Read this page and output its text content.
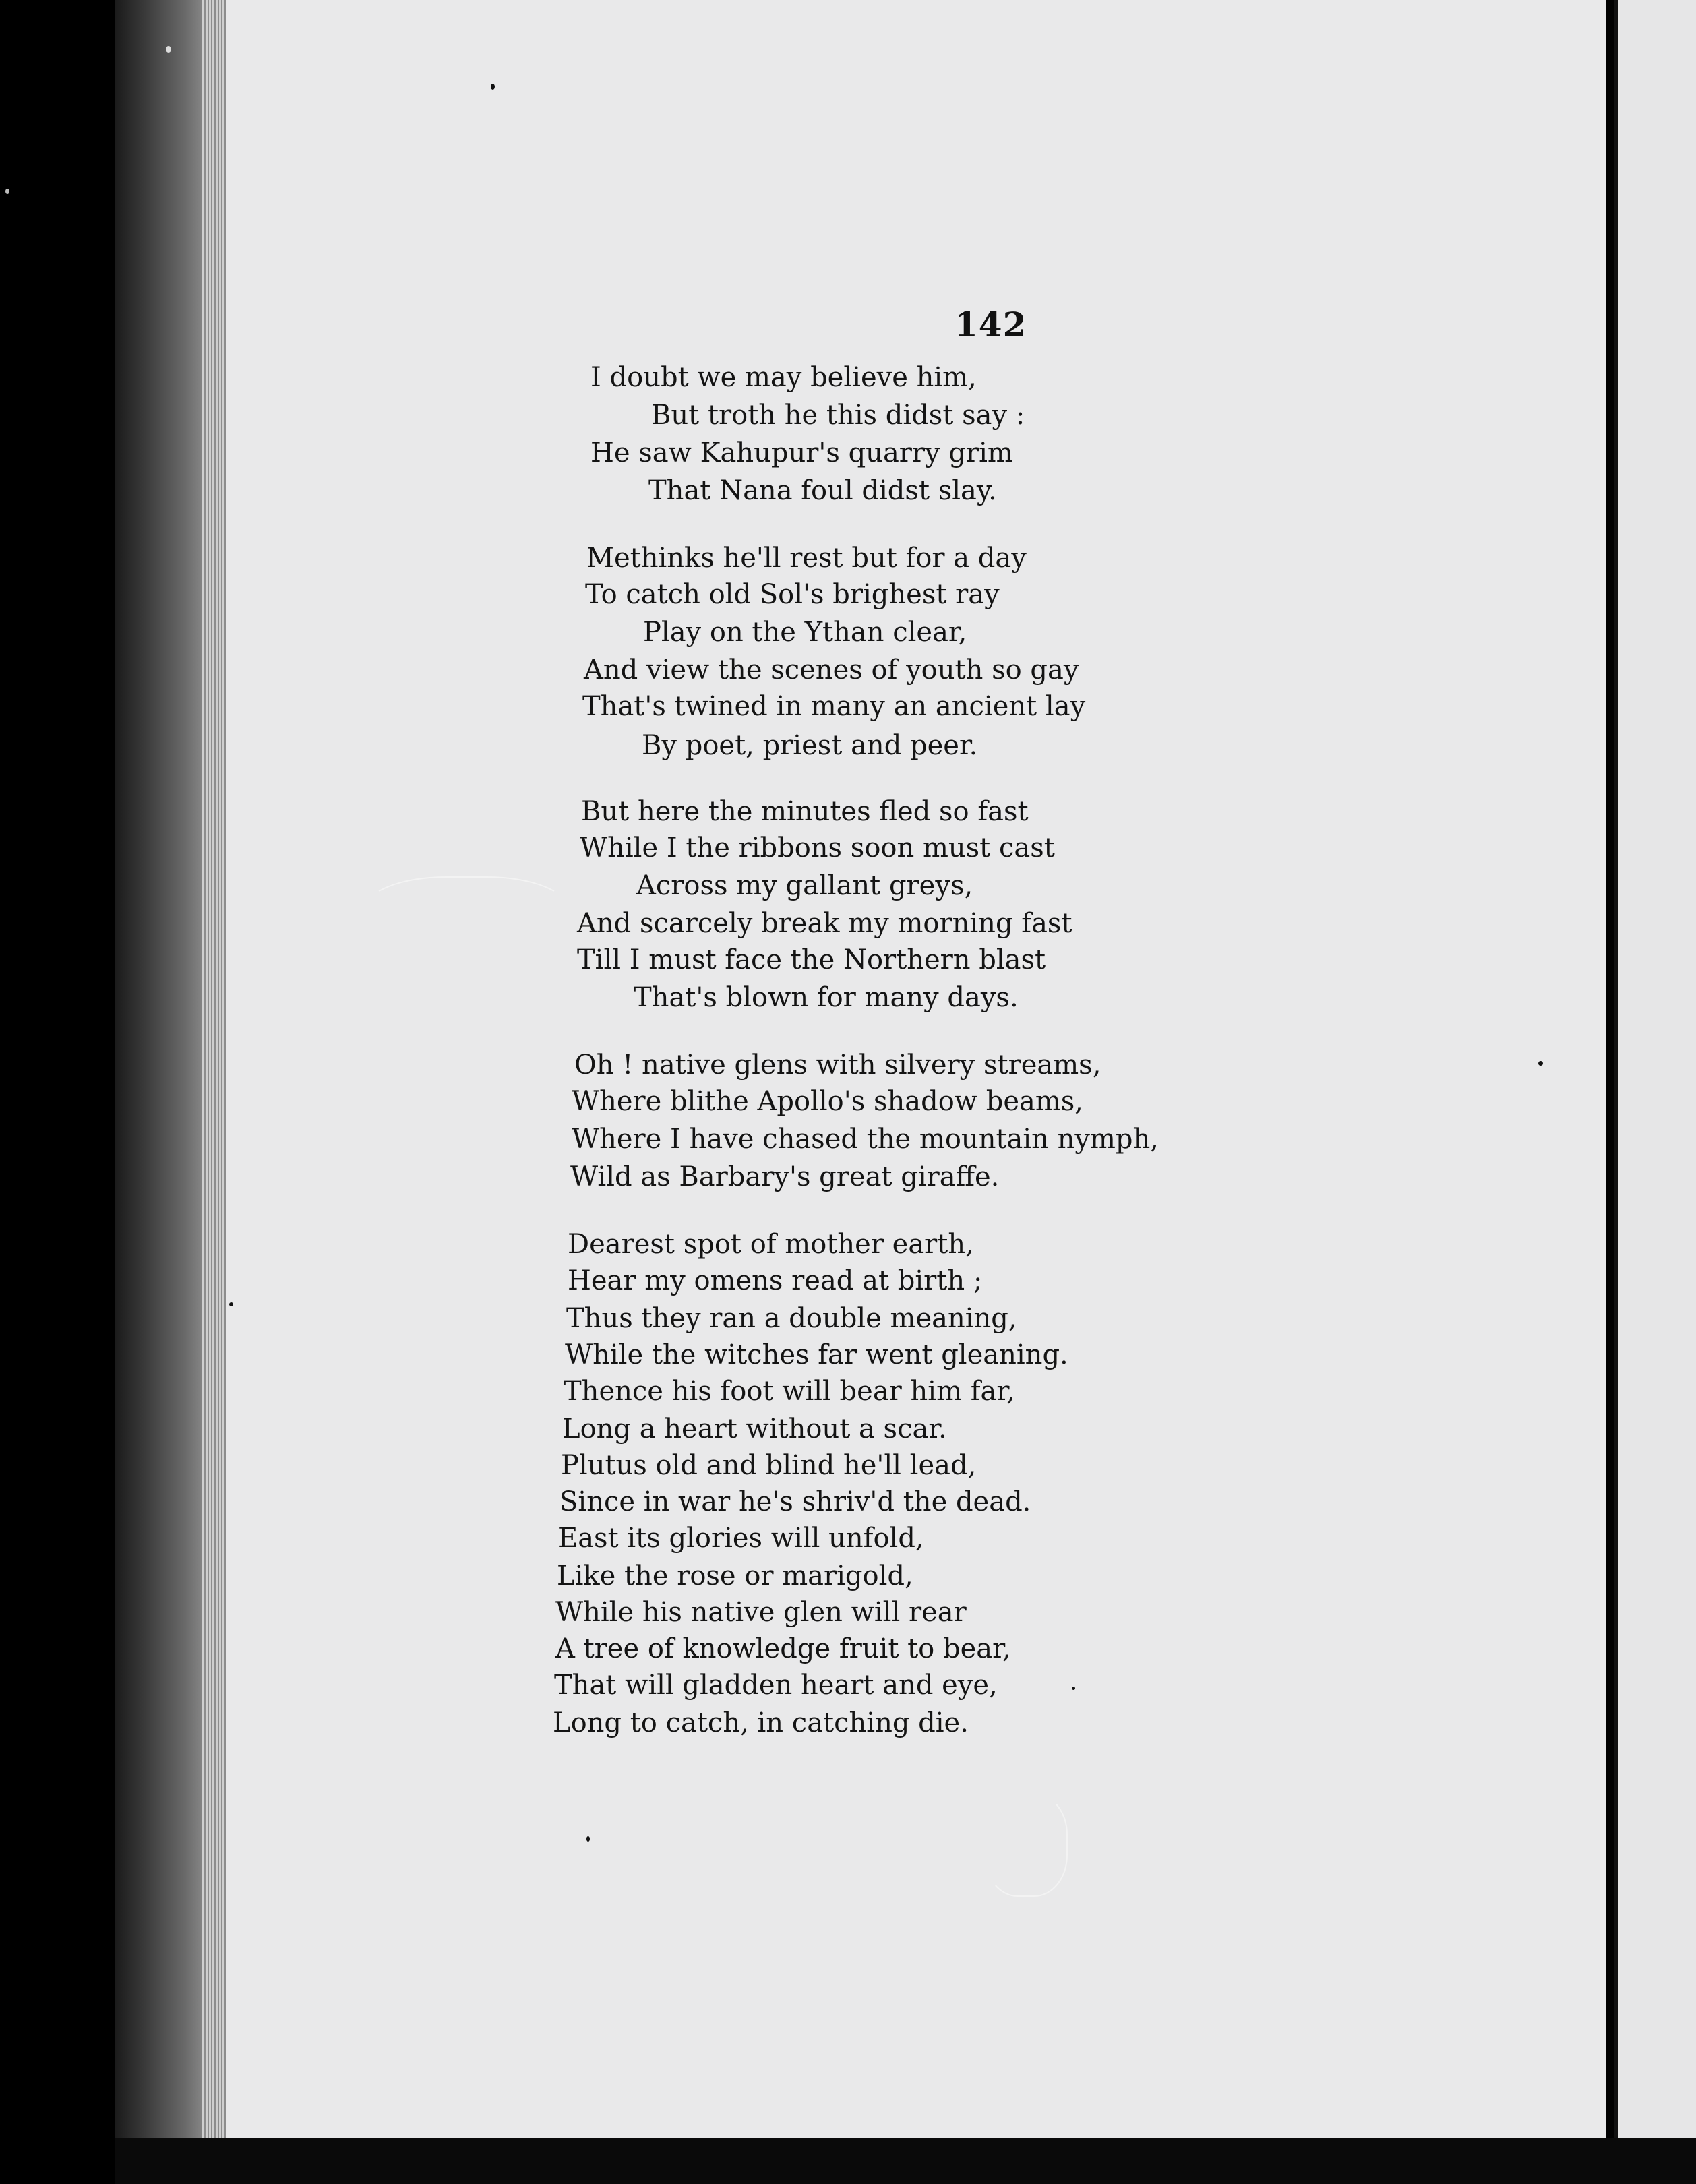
142
I doubt we may believe him,
But troth he this didst say :
He saw Kahupur's quarry grim
That Nana foul didst slay.
Methinks he'll rest but for a day
To catch old Sol's brighest ray
Play on the Ythan clear,
And view the scenes of youth so gay
That's twined in many an ancient lay
By poet, priest and peer.
But here the minutes fled so fast
While I the ribbons soon must cast
Across my gallant greys,
And scarcely break my morning fast
Till I must face the Northern blast
That's blown for many days.
Oh ! native glens with silvery streams,
Where blithe Apollo's shadow beams,
Where I have chased the mountain nymph,
Wild as Barbary's great giraffe.
Dearest spot of mother earth,
Hear my omens read at birth ;
Thus they ran a double meaning,
While the witches far went gleaning.
Thence his foot will bear him far,
Long a heart without a scar.
Plutus old and blind he'll lead,
Since in war he's shriv'd the dead.
East its glories will unfold,
Like the rose or marigold,
While his native glen will rear
A tree of knowledge fruit to bear,
That will gladden heart and eye,
Long to catch, in catching die.
